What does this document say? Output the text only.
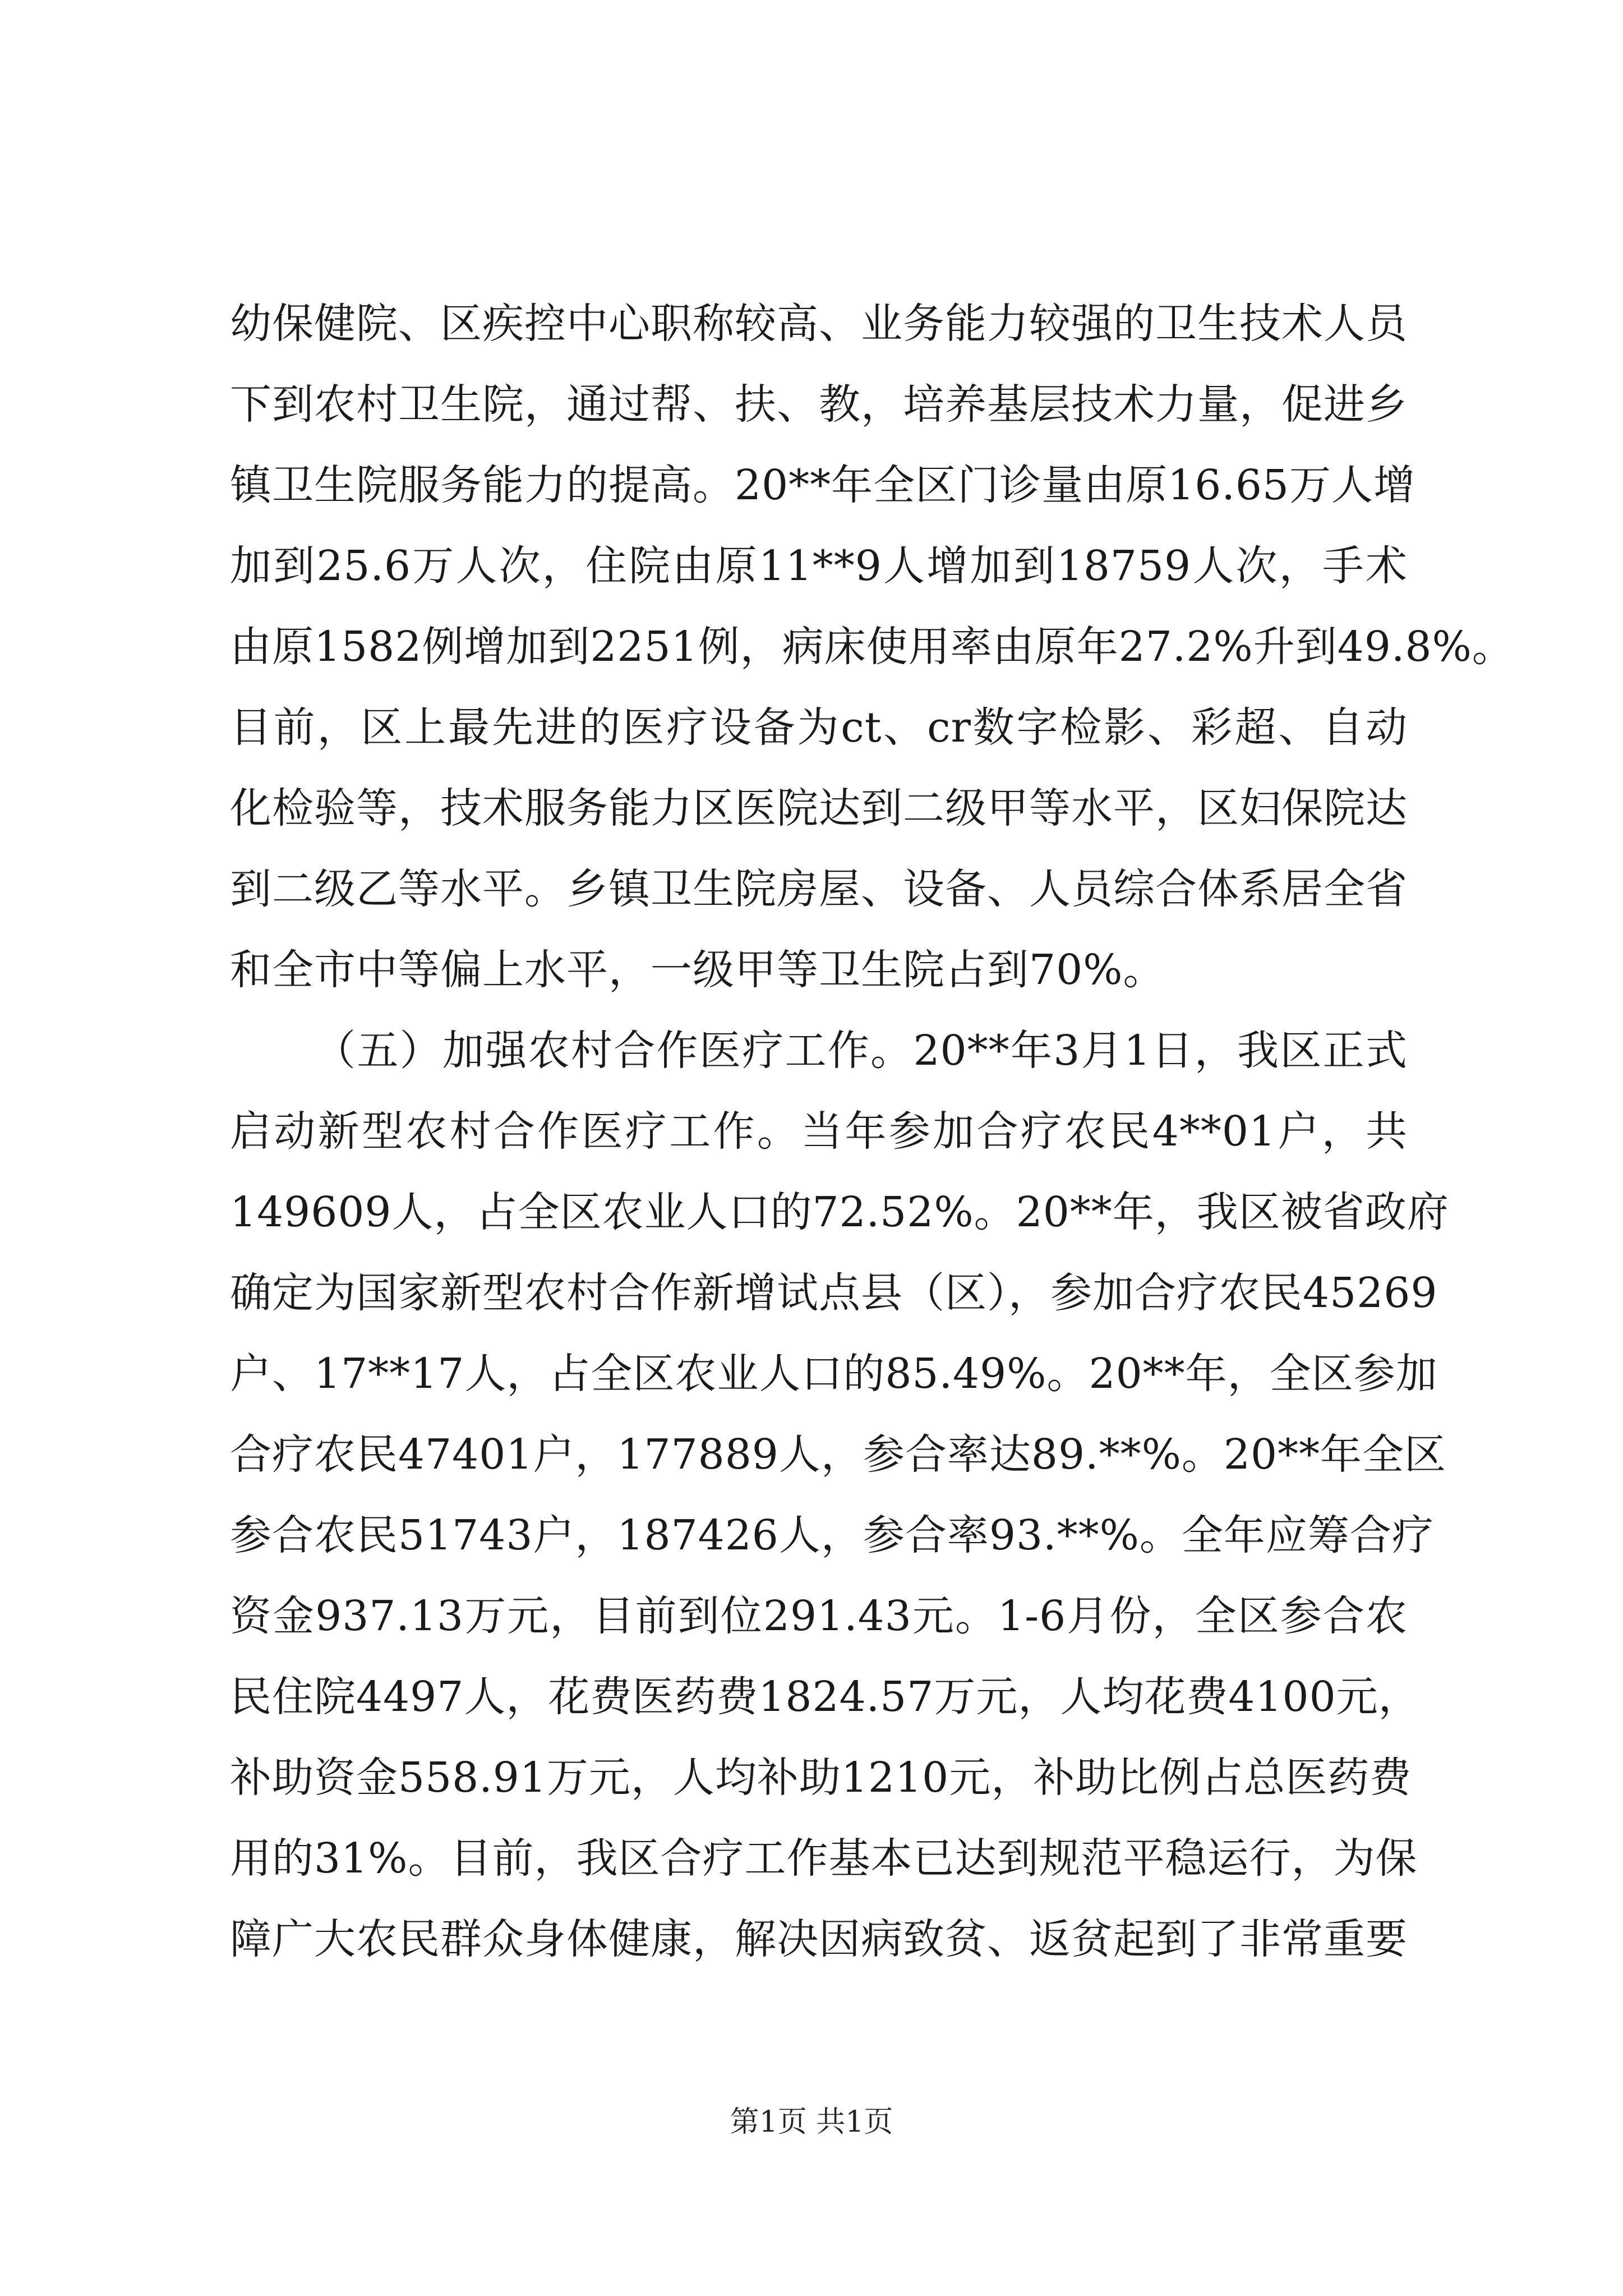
幼保健院、区疾控中心职称较高、业务能力较强的卫生技术人员
下到农村卫生院，通过帮、扶、教，培养基层技术力量，促进乡
镇卫生院服务能力的提高。20**年全区门诊量由原16.65万人增
加到25.6万人次，住院由原11**9人增加到18759人次，手术
由原1582例增加到2251例，病床使用率由原年27.2%升到49.8%。
目前，区上最先进的医疗设备为ct、cr数字检影、彩超、自动
化检验等，技术服务能力区医院达到二级甲等水平，区妇保院达
到二级乙等水平。乡镇卫生院房屋、设备、人员综合体系居全省
和全市中等偏上水平，一级甲等卫生院占到70%。
（五）加强农村合作医疗工作。20**年3月1日，我区正式
启动新型农村合作医疗工作。当年参加合疗农民4**01户，共
149609人，占全区农业人口的72.52%。20**年，我区被省政府
确定为国家新型农村合作新增试点县（区），参加合疗农民45269
户、17**17人，占全区农业人口的85.49%。20**年，全区参加
合疗农民47401户，177889人，参合率达89.**%。20**年全区
参合农民51743户，187426人，参合率93.**%。全年应筹合疗
资金937.13万元，目前到位291.43元。1-6月份，全区参合农
民住院4497人，花费医药费1824.57万元，人均花费4100元，
补助资金558.91万元，人均补助1210元，补助比例占总医药费
用的31%。目前，我区合疗工作基本已达到规范平稳运行，为保
障广大农民群众身体健康，解决因病致贫、返贫起到了非常重要
第1页 共1页
